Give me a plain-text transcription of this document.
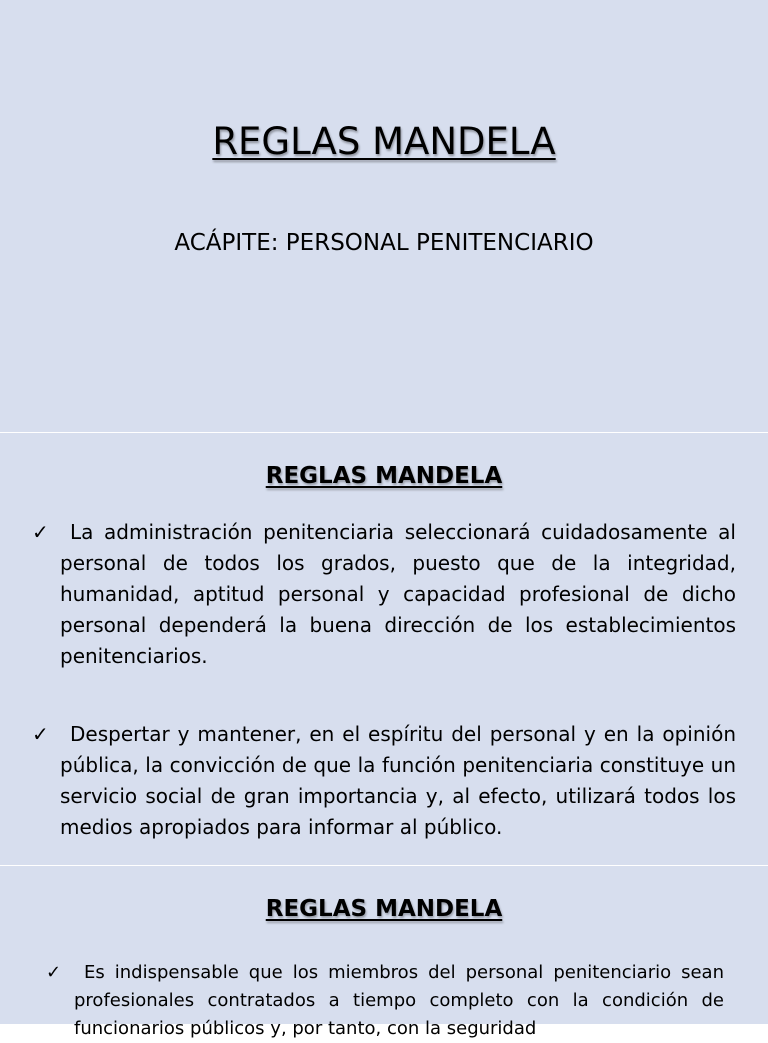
REGLAS MANDELA
ACÁPITE: PERSONAL PENITENCIARIO
REGLAS MANDELA
✓ La administración penitenciaria seleccionará cuidadosamente al personal de todos los grados, puesto que de la integridad, humanidad, aptitud personal y capacidad profesional de dicho personal dependerá la buena dirección de los establecimientos penitenciarios.
✓ Despertar y mantener, en el espíritu del personal y en la opinión pública, la convicción de que la función penitenciaria constituye un servicio social de gran importancia y, al efecto, utilizará todos los medios apropiados para informar al público.
REGLAS MANDELA
✓ Es indispensable que los miembros del personal penitenciario sean profesionales contratados a tiempo completo con la condición de funcionarios públicos y, por tanto, con la seguridad
